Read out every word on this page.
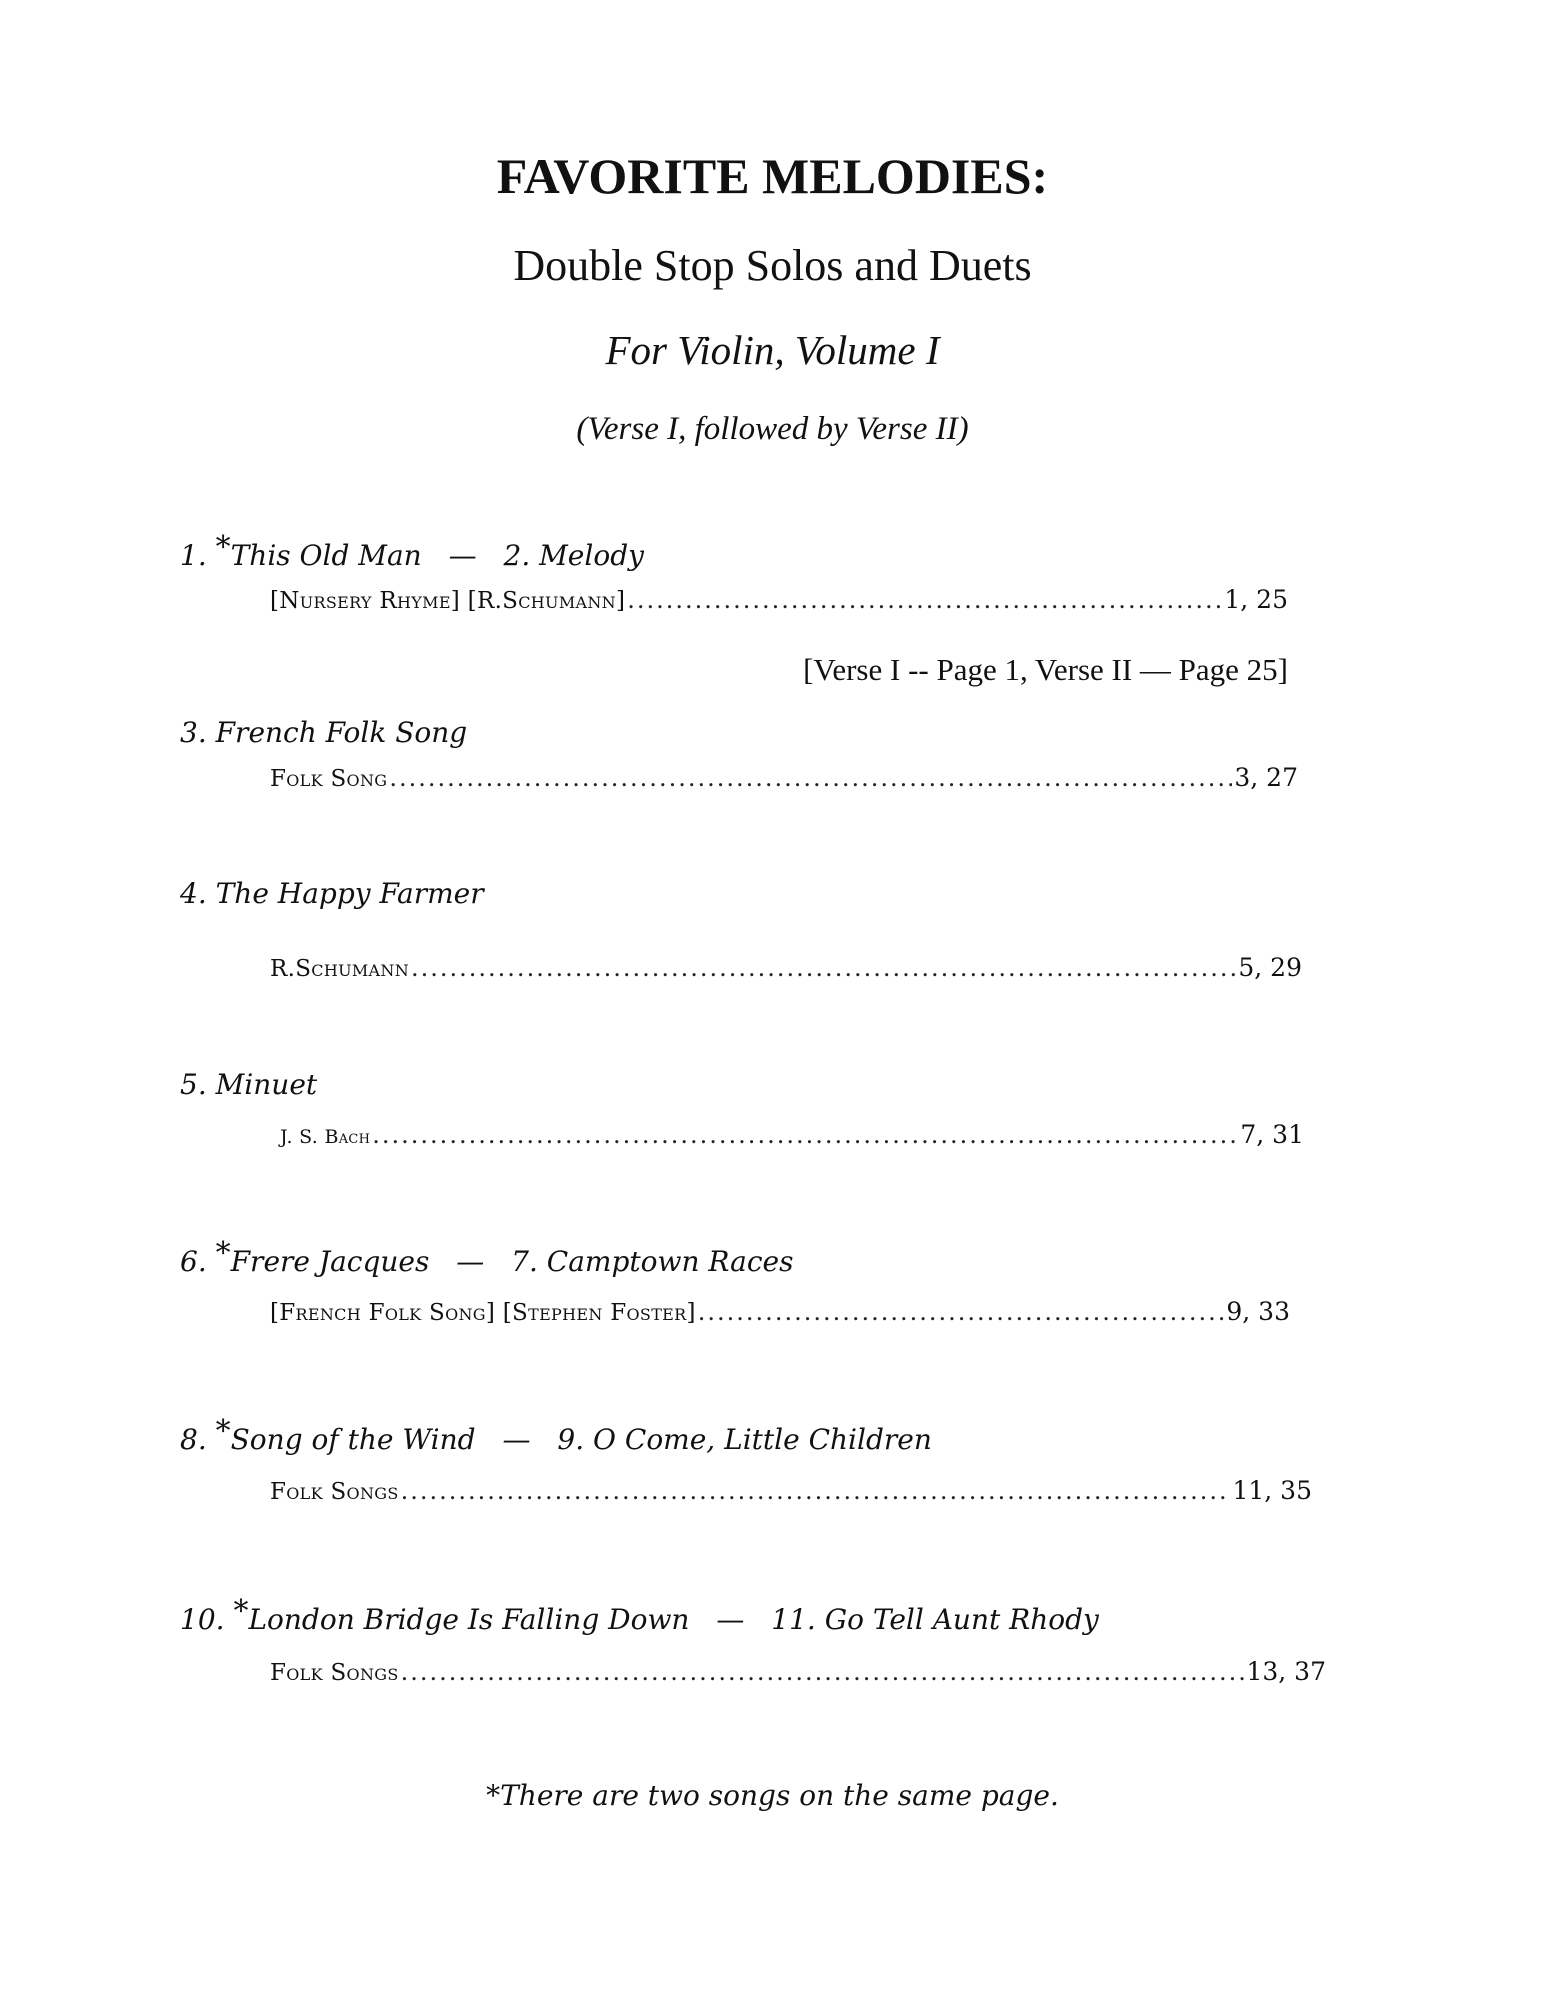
FAVORITE MELODIES:
Double Stop Solos and Duets
For Violin, Volume I
(Verse I, followed by Verse II)
1. *This Old Man — 2. Melody
[Nursery Rhyme] [R.Schumann] .....	1, 25
[Verse I -- Page 1, Verse II — Page 25]
3. French Folk Song
Folk Song .....	3, 27
4. The Happy Farmer
R.Schumann .....	5, 29
5. Minuet
J. S. Bach .....	7, 31
6. *Frere Jacques — 7. Camptown Races
[French Folk Song] [Stephen Foster] .....	9, 33
8. *Song of the Wind — 9. O Come, Little Children
Folk Songs .....	11, 35
10. *London Bridge Is Falling Down — 11. Go Tell Aunt Rhody
Folk Songs .....	13, 37
*There are two songs on the same page.
